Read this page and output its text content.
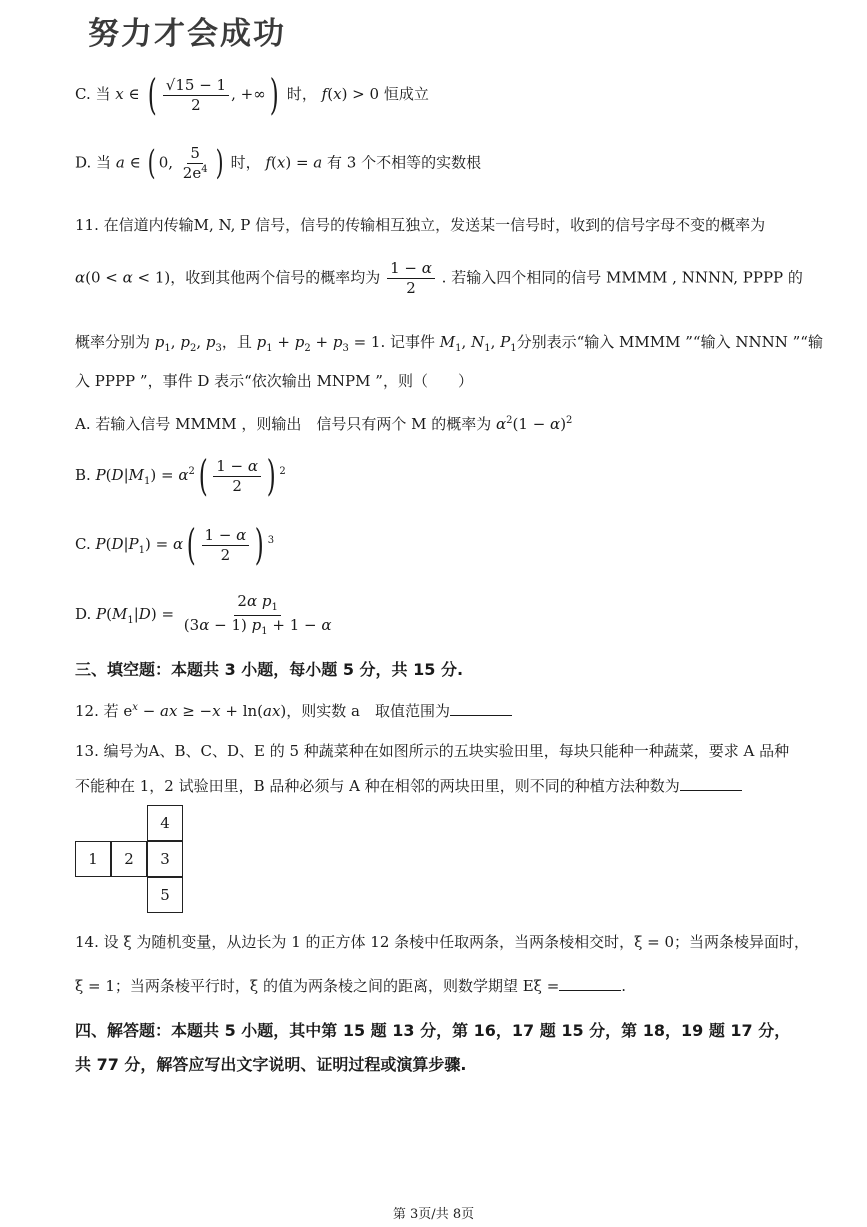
努力才会成功
C. 当 x ∈ ( $\frac{√15 - 1}{2}$ , +∞) 时， f(x) > 0 恒成立
D. 当 a ∈ ( 0, $\frac{5}{2e^4}$ ) 时， f(x) = a 有 3 个不相等的实数根
11. 在信道内传输M, N, P 信号，信号的传输相互独立，发送某一信号时，收到的信号字母不变的概率为
α(0 < α < 1)，收到其他两个信号的概率均为 $\frac{1 - \alpha}{2}$ . 若输入四个相同的信号 MMMM , NNNN, PPPP 的
概率分别为 $p_1$, $p_2$, $p_3$，且 $p_1 + p_2 + p_3 = 1$. 记事件 $M_1$, $N_1$, $P_1$分别表示“输入 MMMM ”“输入 NNNN ”“输
入 PPPP ”，事件 D 表示“依次输出 MNPM ”，则（　　）
A. 若输入信号 MMMM ，则输出　信号只有两个 M 的概率为 $\alpha^2(1 - \alpha)^2$
B. $P(D|M_1) = \alpha^2( \frac{1 - \alpha}{2}$ ) $^2$
C. $P(D|P_1) = \alpha( \frac{1 - \alpha}{2}$ ) $^3$
D. $P(M_1|D) = \frac{2\alpha p_1}{(3\alpha - 1) p_1 + 1 - \alpha}$
三、填空题：本题共 3 小题，每小题 5 分，共 15 分.
12. 若 $e^x$ − ax ≥ −x + ln(ax)，则实数 a　取值范围为
13. 编号为A、B、C、D、E 的 5 种蔬菜种在如图所示的五块实验田里，每块只能种一种蔬菜，要求 A 品种
不能种在 1，2 试验田里，B 品种必须与 A 种在相邻的两块田里，则不同的种植方法种数为
4
1	2	3
5
14. 设 ξ 为随机变量，从边长为 1 的正方体 12 条棱中任取两条，当两条棱相交时，ξ = 0；当两条棱异面时，
ξ = 1；当两条棱平行时，ξ 的值为两条棱之间的距离，则数学期望 Eξ =	.
四、解答题：本题共 5 小题，其中第 15 题 13 分，第 16，17 题 15 分，第 18，19 题 17 分，
共 77 分，解答应写出文字说明、证明过程或演算步骤.
第 3页/共 8页
